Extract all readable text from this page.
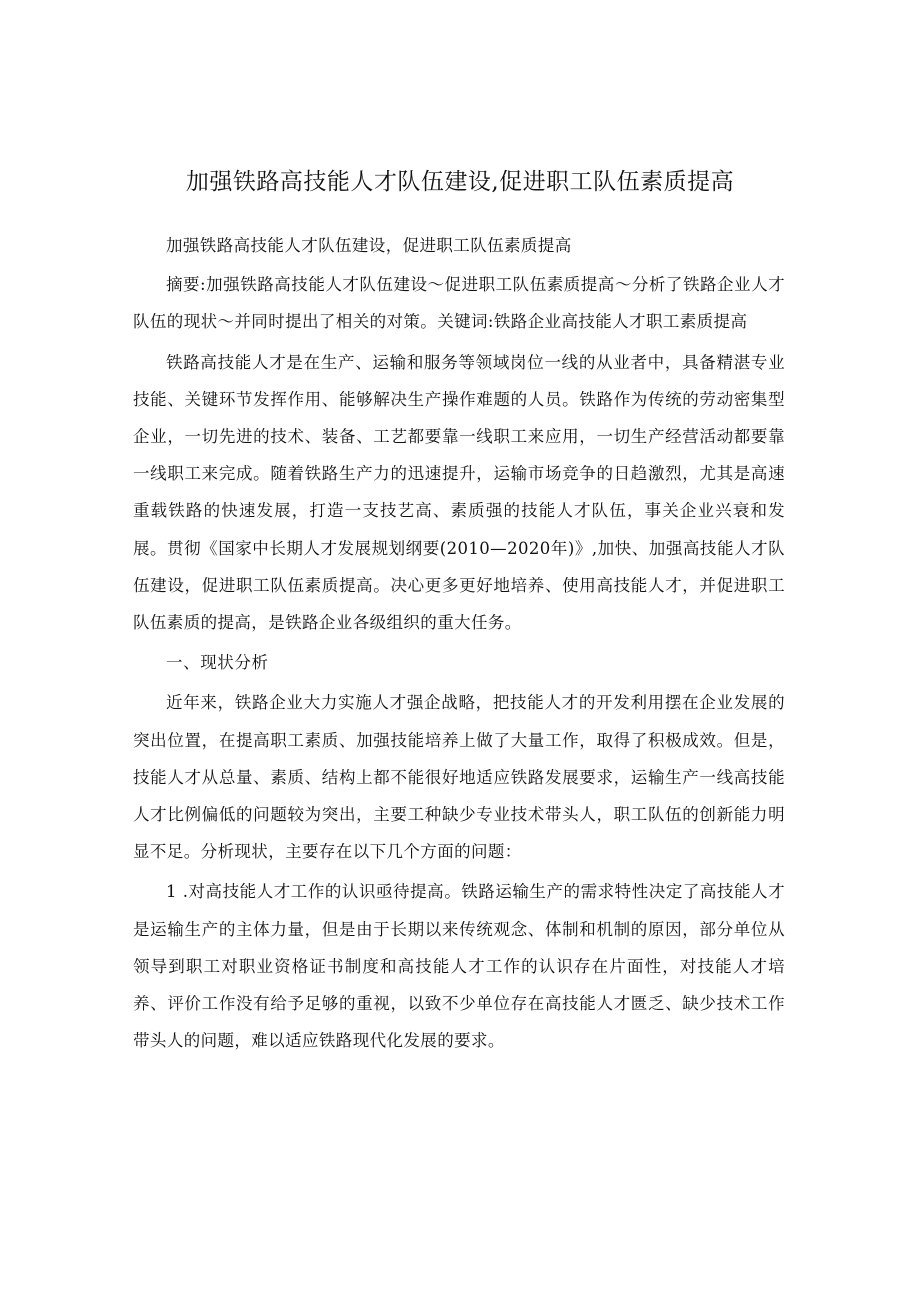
加强铁路高技能人才队伍建设,促进职工队伍素质提高

加强铁路高技能人才队伍建设，促进职工队伍素质提高

摘要:加强铁路高技能人才队伍建设～促进职工队伍素质提高～分析了铁路企业人才队伍的现状～并同时提出了相关的对策。关键词:铁路企业高技能人才职工素质提高

铁路高技能人才是在生产、运输和服务等领域岗位一线的从业者中，具备精湛专业技能、关键环节发挥作用、能够解决生产操作难题的人员。铁路作为传统的劳动密集型企业，一切先进的技术、装备、工艺都要靠一线职工来应用，一切生产经营活动都要靠一线职工来完成。随着铁路生产力的迅速提升，运输市场竞争的日趋激烈，尤其是高速重载铁路的快速发展，打造一支技艺高、素质强的技能人才队伍，事关企业兴衰和发展。贯彻《国家中长期人才发展规划纲要(2010—2020年)》,加快、加强高技能人才队伍建设，促进职工队伍素质提高。决心更多更好地培养、使用高技能人才，并促进职工队伍素质的提高，是铁路企业各级组织的重大任务。

一、现状分析

近年来，铁路企业大力实施人才强企战略，把技能人才的开发利用摆在企业发展的突出位置，在提高职工素质、加强技能培养上做了大量工作，取得了积极成效。但是，技能人才从总量、素质、结构上都不能很好地适应铁路发展要求，运输生产一线高技能人才比例偏低的问题较为突出，主要工种缺少专业技术带头人，职工队伍的创新能力明显不足。分析现状，主要存在以下几个方面的问题：

1 .对高技能人才工作的认识亟待提高。铁路运输生产的需求特性决定了高技能人才是运输生产的主体力量，但是由于长期以来传统观念、体制和机制的原因，部分单位从领导到职工对职业资格证书制度和高技能人才工作的认识存在片面性，对技能人才培养、评价工作没有给予足够的重视，以致不少单位存在高技能人才匮乏、缺少技术工作带头人的问题，难以适应铁路现代化发展的要求。
